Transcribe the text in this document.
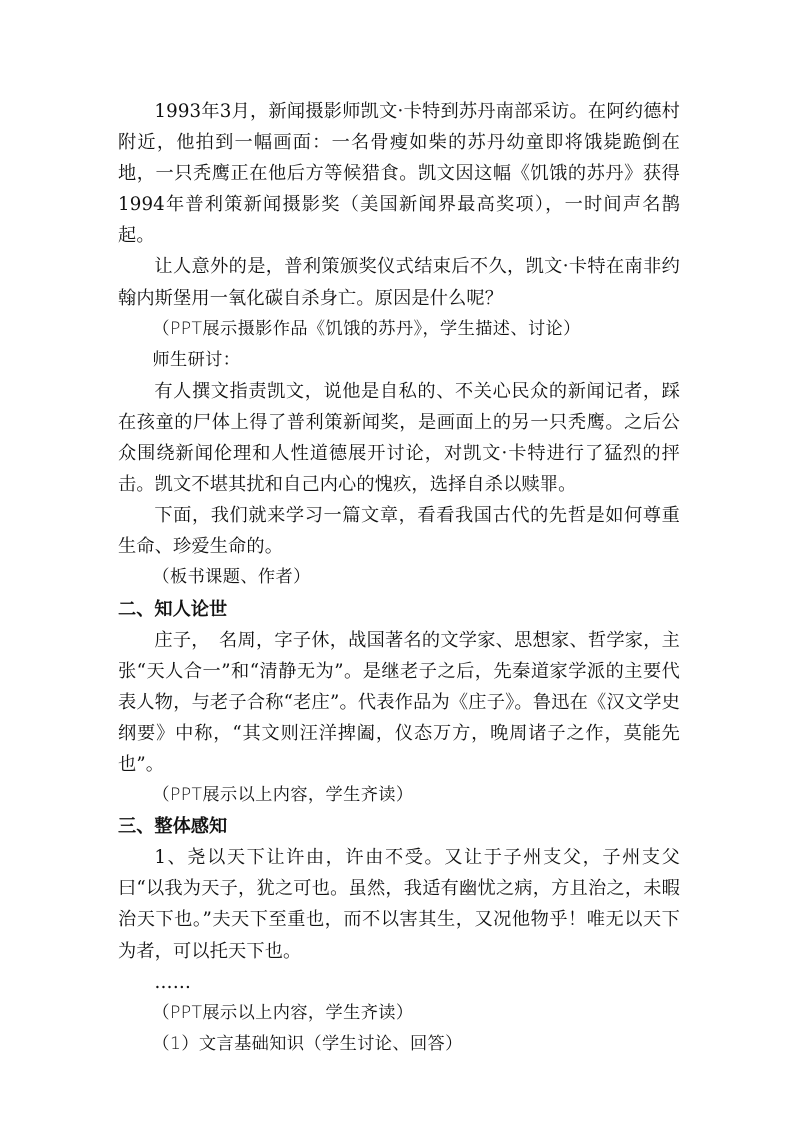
1993年3月，新闻摄影师凯文·卡特到苏丹南部采访。在阿约德村附近，他拍到一幅画面：一名骨瘦如柴的苏丹幼童即将饿毙跪倒在地，一只秃鹰正在他后方等候猎食。凯文因这幅《饥饿的苏丹》获得1994年普利策新闻摄影奖（美国新闻界最高奖项），一时间声名鹊起。

让人意外的是，普利策颁奖仪式结束后不久，凯文·卡特在南非约翰内斯堡用一氧化碳自杀身亡。原因是什么呢？

（PPT展示摄影作品《饥饿的苏丹》，学生描述、讨论）

师生研讨：

有人撰文指责凯文，说他是自私的、不关心民众的新闻记者，踩在孩童的尸体上得了普利策新闻奖，是画面上的另一只秃鹰。之后公众围绕新闻伦理和人性道德展开讨论，对凯文·卡特进行了猛烈的抨击。凯文不堪其扰和自己内心的愧疚，选择自杀以赎罪。

下面，我们就来学习一篇文章，看看我国古代的先哲是如何尊重生命、珍爱生命的。

（板书课题、作者）

二、知人论世

庄子，　名周，字子休，战国著名的文学家、思想家、哲学家，主张“天人合一”和“清静无为”。是继老子之后，先秦道家学派的主要代表人物，与老子合称“老庄”。代表作品为《庄子》。鲁迅在《汉文学史纲要》中称，“其文则汪洋捭阖，仪态万方，晚周诸子之作，莫能先也”。

（PPT展示以上内容，学生齐读）

三、整体感知

1、尧以天下让许由，许由不受。又让于子州支父，子州支父曰“以我为天子，犹之可也。虽然，我适有幽忧之病，方且治之，未暇治天下也。”夫天下至重也，而不以害其生，又况他物乎！唯无以天下为者，可以托天下也。

……

（PPT展示以上内容，学生齐读）

（1）文言基础知识（学生讨论、回答）
